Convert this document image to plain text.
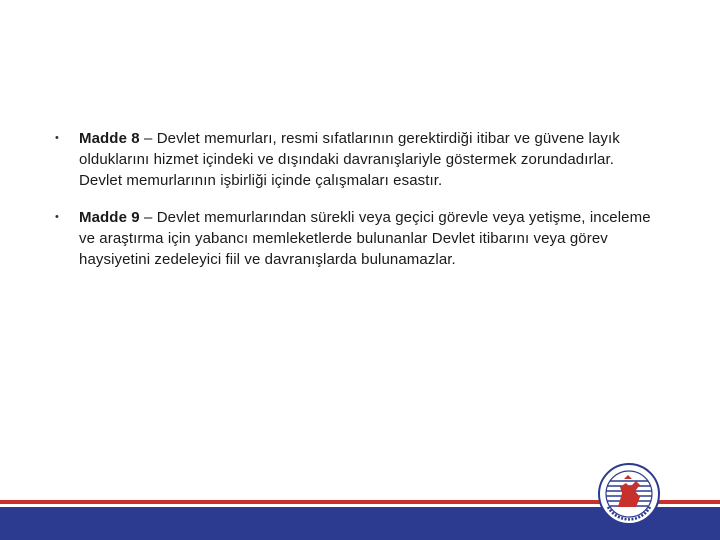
• Madde 8 – Devlet memurları, resmi sıfatlarının gerektirdiği itibar ve güvene layık olduklarını hizmet içindeki ve dışındaki davranışlariyle göstermek zorundadırlar. Devlet memurlarının işbirliği içinde çalışmaları esastır.
• Madde 9 – Devlet memurlarından sürekli veya geçici görevle veya yetişme, inceleme ve araştırma için yabancı memleketlerde bulunanlar Devlet itibarını veya görev haysiyetini zedeleyici fiil ve davranışlarda bulunamazlar.
